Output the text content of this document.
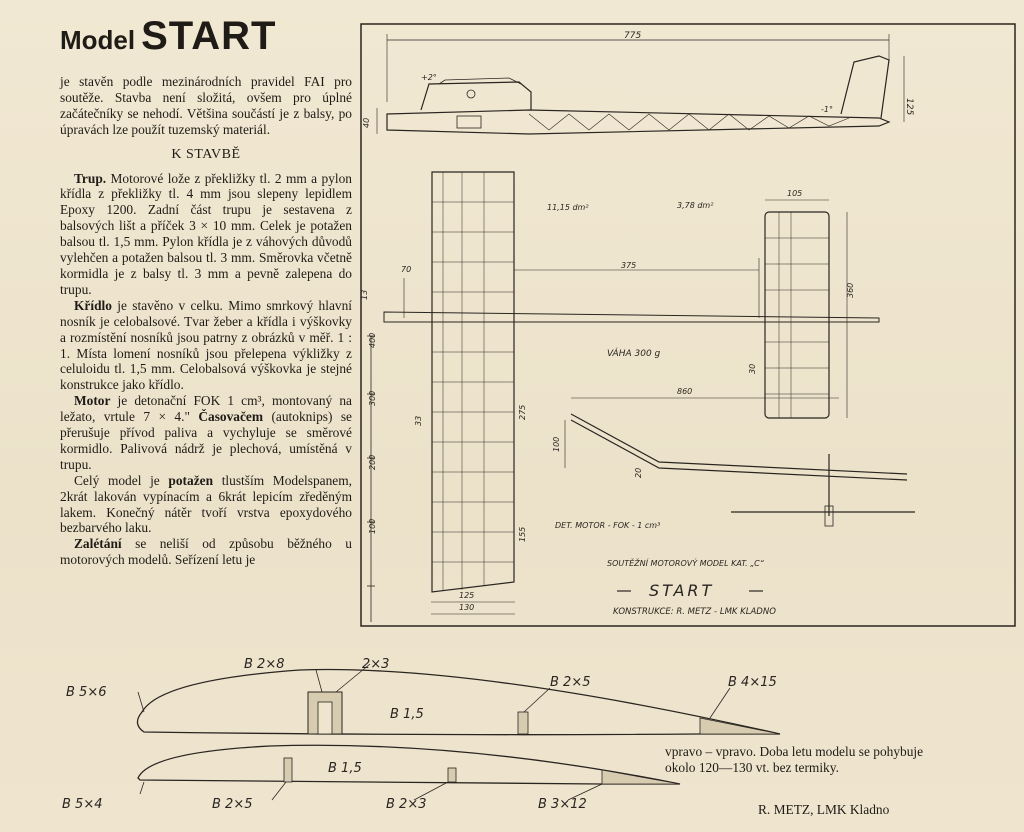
Model START

je stavěn podle mezinárodních pravidel FAI pro soutěže. Stavba není složitá, ovšem pro úplné začátečníky se nehodí. Většina součástí je z balsy, po úpravách lze použít tuzemský materiál.

K STAVBĚ

Trup. Motorové lože z překližky tl. 2 mm a pylon křídla z překližky tl. 4 mm jsou slepeny lepidlem Epoxy 1200. Zadní část trupu je sestavena z balsových lišt a příček 3 × 10 mm. Celek je potažen balsou tl. 1,5 mm. Pylon křídla je z váhových důvodů vylehčen a potažen balsou tl. 3 mm. Směrovka včetně kormidla je z balsy tl. 3 mm a pevně zalepena do trupu.

Křídlo je stavěno v celku. Mimo smrkový hlavní nosník je celobalsové. Tvar žeber a křídla i výškovky a rozmístění nosníků jsou patrny z obrázků v měř. 1 : 1. Místa lomení nosníků jsou přelepena výkližky z celuloidu tl. 1,5 mm. Celobalsová výškovka je stejné konstrukce jako křídlo.

Motor je detonační FOK 1 cm³, montovaný na ležato, vrtule 7 × 4." Časovačem (autoknips) se přerušuje přívod paliva a vychyluje se směrové kormidlo. Palivová nádrž je plechová, umístěná v trupu.

Celý model je potažen tlustším Modelspanem, 2krát lakován vypínacím a 6krát lepicím zředěným lakem. Konečný nátěr tvoří vrstva epoxydového bezbarvého laku.

Zalétání se neliší od způsobu běžného u motorových modelů. Seřízení letu je

775
125
40
+2°
-1°
125
130
70	375
13
11,15 dm²	3,78 dm²
105
360
VÁHA 300 g
30
860
100
20
400
300
200
100
33
275
155
DET. MOTOR - FOK - 1 cm³
SOUTĚŽNÍ MOTOROVÝ MODEL KAT. „C“
START
KONSTRUKCE: R. METZ - LMK KLADNO
B 2×8	2×3
B 5×6
B 2×5	B 4×15
B 1,5
B 1,5
B 5×4	B 2×5	B 2×3	B 3×12
vpravo – vpravo. Doba letu modelu se pohybuje okolo 120—130 vt. bez termiky.
R. METZ, LMK Kladno
